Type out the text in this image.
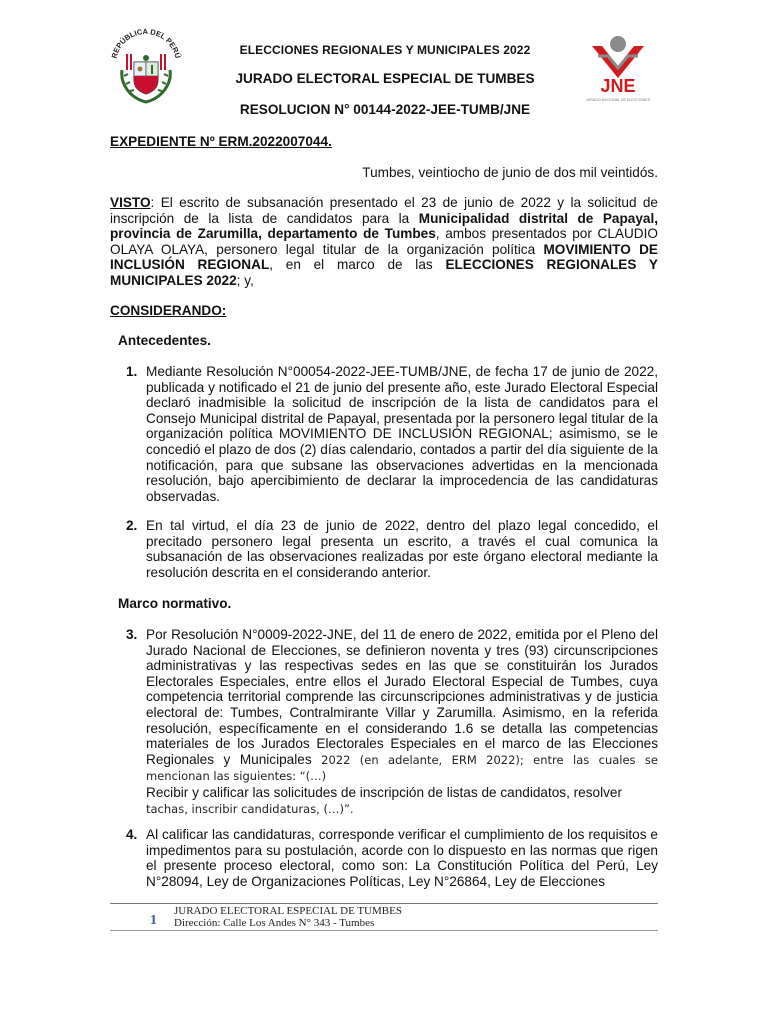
REPÚBLICA DEL PERÚ	ELECCIONES REGIONALES Y MUNICIPALES 2022
JURADO ELECTORAL ESPECIAL DE TUMBES
RESOLUCION N° 00144-2022-JEE-TUMB/JNE
JNE
JURADO NACIONAL DE ELECCIONES
EXPEDIENTE Nº ERM.2022007044.
Tumbes, veintiocho de junio de dos mil veintidós.
VISTO: El escrito de subsanación presentado el 23 de junio de 2022 y la solicitud de inscripción de la lista de candidatos para la Municipalidad distrital de Papayal, provincia de Zarumilla, departamento de Tumbes, ambos presentados por CLAUDIO OLAYA OLAYA, personero legal titular de la organización política MOVIMIENTO DE INCLUSIÓN REGIONAL, en el marco de las ELECCIONES REGIONALES Y MUNICIPALES 2022; y,
CONSIDERANDO:
Antecedentes.
1. Mediante Resolución N°00054-2022-JEE-TUMB/JNE, de fecha 17 de junio de 2022, publicada y notificado el 21 de junio del presente año, este Jurado Electoral Especial declaró inadmisible la solicitud de inscripción de la lista de candidatos para el Consejo Municipal distrital de Papayal, presentada por la personero legal titular de la organización política MOVIMIENTO DE INCLUSIÓN REGIONAL; asimismo, se le concedió el plazo de dos (2) días calendario, contados a partir del día siguiente de la notificación, para que subsane las observaciones advertidas en la mencionada resolución, bajo apercibimiento de declarar la improcedencia de las candidaturas observadas.
2. En tal virtud, el día 23 de junio de 2022, dentro del plazo legal concedido, el precitado personero legal presenta un escrito, a través el cual comunica la subsanación de las observaciones realizadas por este órgano electoral mediante la resolución descrita en el considerando anterior.
Marco normativo.
3. Por Resolución N°0009-2022-JNE, del 11 de enero de 2022, emitida por el Pleno del Jurado Nacional de Elecciones, se definieron noventa y tres (93) circunscripciones administrativas y las respectivas sedes en las que se constituirán los Jurados Electorales Especiales, entre ellos el Jurado Electoral Especial de Tumbes, cuya competencia territorial comprende las circunscripciones administrativas y de justicia electoral de: Tumbes, Contralmirante Villar y Zarumilla. Asimismo, en la referida resolución, específicamente en el considerando 1.6 se detalla las competencias materiales de los Jurados Electorales Especiales en el marco de las Elecciones Regionales y Municipales 2022 (en adelante, ERM 2022); entre las cuales se mencionan las siguientes: “(…)
Recibir y calificar las solicitudes de inscripción de listas de candidatos, resolver
tachas, inscribir candidaturas, (…)”.
4. Al calificar las candidaturas, corresponde verificar el cumplimiento de los requisitos e impedimentos para su postulación, acorde con lo dispuesto en las normas que rigen el presente proceso electoral, como son: La Constitución Política del Perú, Ley N°28094, Ley de Organizaciones Políticas, Ley N°26864, Ley de Elecciones
1
JURADO ELECTORAL ESPECIAL DE TUMBES
Dirección: Calle Los Andes N° 343 - Tumbes
